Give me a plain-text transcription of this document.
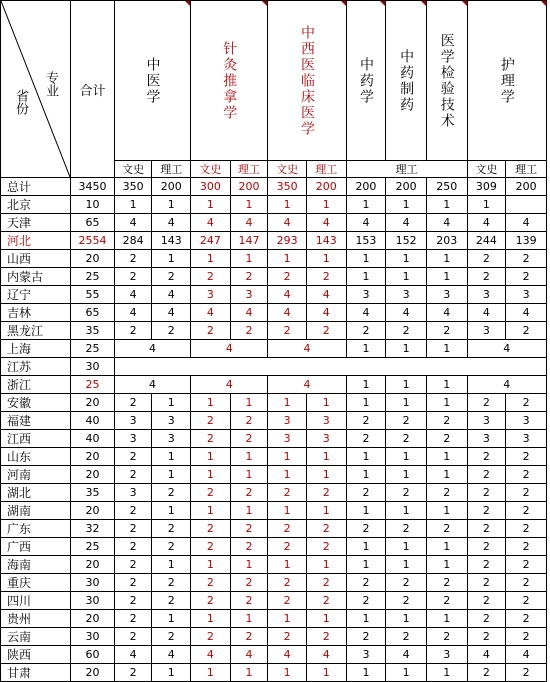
专业
省份	合计	中医学		针灸推拿学		中西医临床医学		中药学	中药制药	医学检验技术	护理学	

		文史	理工	文史	理工	文史	理工	理工			文史	理工
总计	3450	350	200	300	200	350	200	200	200	250	309	200
北京	10	1	1	1	1	1	1	1	1	1	1	
天津	65	4	4	4	4	4	4	4	4	4	4	4
河北	2554	284	143	247	147	293	143	153	152	203	244	139
山西	20	2	1	1	1	1	1	1	1	1	2	2
内蒙古	25	2	2	2	2	2	2	1	1	1	2	2
辽宁	55	4	4	3	3	4	4	3	3	3	3	3
吉林	65	4	4	4	4	4	4	4	4	4	4	4
黑龙江	35	2	2	2	2	2	2	2	2	2	3	2
上海	25	4		4		4		1	1	1	4	
江苏	30											
浙江	25	4		4		4		1	1	1	4	
安徽	20	2	1	1	1	1	1	1	1	1	2	2
福建	40	3	3	2	2	3	3	2	2	2	3	3
江西	40	3	3	2	2	3	3	2	2	2	3	3
山东	20	2	1	1	1	1	1	1	1	1	2	2
河南	20	2	1	1	1	1	1	1	1	1	2	2
湖北	35	3	2	2	2	2	2	2	2	2	2	2
湖南	20	2	1	1	1	1	1	1	1	1	2	2
广东	32	2	2	2	2	2	2	2	2	2	2	2
广西	25	2	2	2	2	2	2	1	1	1	2	2
海南	20	2	1	1	1	1	1	1	1	1	2	2
重庆	30	2	2	2	2	2	2	2	2	2	2	2
四川	30	2	2	2	2	2	2	2	2	2	2	2
贵州	20	2	1	1	1	1	1	1	1	1	2	2
云南	30	2	2	2	2	2	2	2	2	2	2	2
陕西	60	4	4	4	4	4	4	3	4	3	4	4
甘肃	20	2	1	1	1	1	1	1	1	1	2	2
